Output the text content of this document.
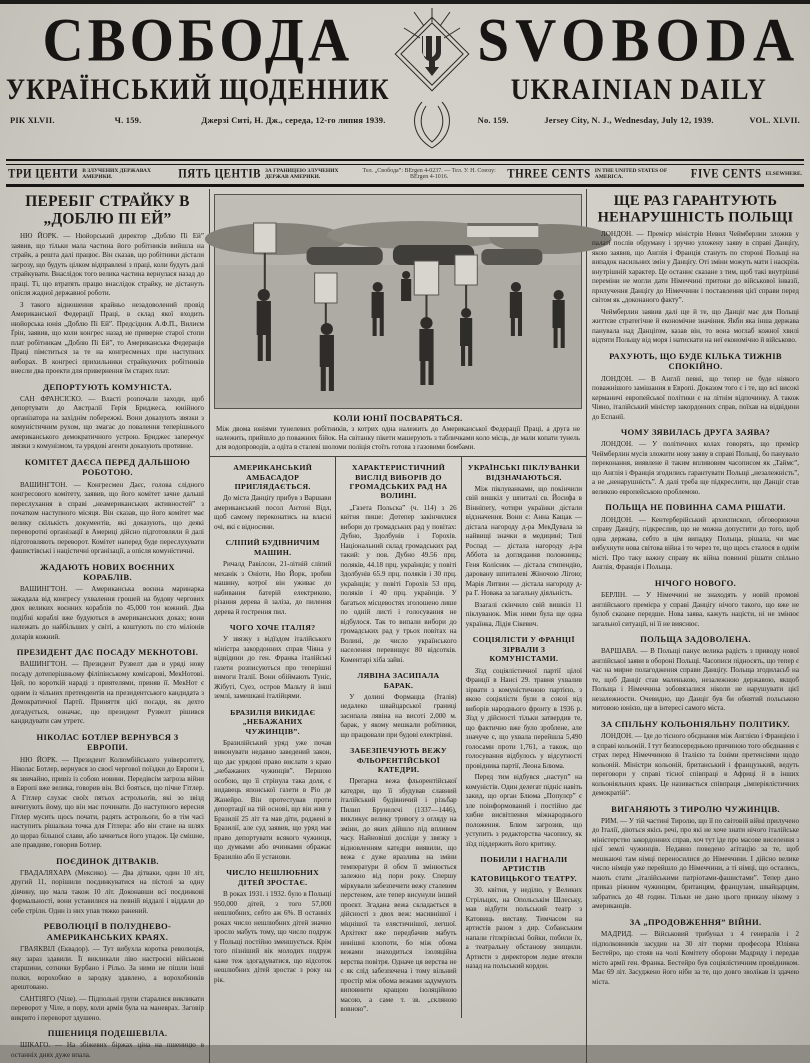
СВОБОДА
УКРАЇНСЬКИЙ ЩОДЕННИК
РІК XLVII.	Ч. 159.	Джерзі Ситі, Н. Дж., середа, 12-го липня 1939.
SVOBODA
UKRAINIAN DAILY
No. 159.	Jersey City, N. J., Wednesday, July 12, 1939.	VOL. XLVII.
ТРИ ЦЕНТИ В ЗЛУЧЕНИХ ДЕРЖАВАХ АМЕРИКИ.	ПЯТЬ ЦЕНТІВ ЗА ГРАНИЦЕЮ ЗЛУЧЕНИХ ДЕРЖАВ АМЕРИКИ.
Тел. „Свобода”: BErgen 4-0237. — Тел. У. Н. Союзу: BErgen 4-1016.	THREE CENTS IN THE UNITED STATES OF AMERICA.	FIVE CENTS ELSEWHERE.
ПЕРЕБІГ СТРАЙКУ В „ДОБЛЮ ПІ ЕЙ”

НЮ ЙОРК. — Нюйорський директор „Доблю Пі Ей” заявив, що тільки мала частина його робітників вийшла на страйк, а решта далі працює. Він сказав, що робітники дістали загрозу, що будуть цілком відправлені з праці, коли будуть далі страйкувати. Внаслідок того велика частина вернулася назад до праці. Ті, що втратять працю внаслідок страйку, не дістануть опісля жадної державної роботи.

З такого відношення крайньо незадоволений провід Американської Федерації Праці, в склад якої входить нюйорська юнія „Доблю Пі Ей”. Предсідник А.Ф.П., Вилиєм Ґрін, заявив, що коли конгрес назад не приверне старої стопи плат робітникам „Доблю Пі Ей”, то Американська Федерація Праці пімститься за те на конгресменах при наступних виборах. В конгресі прихильники страйкуючих робітників внесли два проекти для привернення їм старих плат.

ДЕПОРТУЮТЬ КОМУНІСТА.

САН ФРАНСІСКО. — Власті розпочали заходи, щоб депортувати до Австралії Герія Бриджеса, юнійного організатора на західнім побережжі. Вони доказують звязки з комуністичним рухом, що змагає до повалення теперішнього американського демократичного устрою. Бриджес заперечує звязки з комунізмом, та урядові агенти доказують противне.

КОМІТЕТ ДАЄСА ПЕРЕД ДАЛЬШОЮ РОБОТОЮ.

ВАШИНГТОН. — Конгресмен Даєс, голова слідного конгресового комітету, заявив, що його комітет зачне дальші переслухання в справі „неамериканських активностей” з початком наступного місяця. Він сказав, що його комітет має велику скількість документів, які доказують, що деякі переворотні організації в Америці дійсно підготовляли й далі підготовляють переворот. Комітет наперед буде переслухувати фашистівські і націстичні організації, а опісля комуністичні.

ЖАДАЮТЬ НОВИХ ВОЄННИХ КОРАБЛІВ.

ВАШИНГТОН. — Американська воєнна маринарка зажадала від конгресу ухвалення грошей на будову чергових двох великих воєнних кораблів по 45,000 тон кожний. Два подібні кораблі вже будуються в американських доках; вони належать до найбільших у світі, а коштують по сто міліонів доларів кожний.

ПРЕЗИДЕНТ ДАЄ ПОСАДУ МЕКНОТОВІ.

ВАШИНГТОН. — Президент Рузвелт дав в уряді нову посаду дотеперішньому філіпінському комісарові, МекНотові. Цей, по короткій нараді з приятелями, приняв її. МекНот є одним із чільних претендентів на президентського кандидата з Демократичної Партії. Приняття цієї посади, як дехто догадується, означає, що президент Рузвелт рішився кандидувати сам утретє.

НІКОЛАС БОТЛЕР ВЕРНУВСЯ З ЕВРОПИ.

НЮ ЙОРК. — Президент Колюмбійського університету, Ніколас Ботлер, вернувся зо своєї чергової поїздки до Европи і, як звичайно, привіз із собою новини. Передівсім загроза війни в Европі вже велика, говорив він. Всі бояться, що пічне Гітлер. А Гітлер слухає своїх пятьох астрольоґів, які зо звізд вичитують йому, що він має починати. До наступного вересня Гітлер мусить щось почати, радять астрольоґи, бо в тім часі наступить рішальна точка для Гітлера: або він стане на шлях до щораз більшої слави, або зачнеться його упадок. Це смішне, але правдиве, говорив Ботлер.

ПОЄДИНОК ДІТВАКІВ.

ГВАДАЛЯХАРА (Мексико). — Два дітваки, один 10 літ, другий 11, порішили поєдинкуватися на пістолі за одну дівчину, що мала також 10 літ. Доконавши всі поєдинкові формальності, вони уставилися на певній віддалі і віддали до себе стріли. Один із них упав тяжко ранений.

РЕВОЛЮЦІЇ В ПОЛУДНЕВО-АМЕРИКАНСЬКИХ КРАЯХ.

ГВАЯКВІЛ (Еквадор). — Тут вибухла коротка революція, яку зараз здавили. Її викликали ліво настроєні військові старшини, сотники Бурбано і Рільо. За ними не пішли інші полки, ворохобню в зародку здавлено, а ворохобників арештовано.

САНТІЯГО (Чіле). — Підпольні групи старалися викликати переворот у Чіле, в пору, коли армія була на маневрах. Заговір викрито і переворот здушено.

ПШЕНИЦЯ ПОДЕШЕВІЛА.

ШІКАГО. — На збіжевих біржах ціна на пшеницю в останніх днях дуже впала.

КОЛИ ЮНІЇ ПОСВАРЯТЬСЯ.
Між двома юніями тунелевих робітників, з котрих одна належить до Американської Федерації Праці, а друга не належить, прийшло до поважних бійок. На світанку пікети машерують з табличками коло місць, де мали копати тунель для водопроводів, а одіта в сталеві шоломи поліція стоїть готова з газовими бомбами.
АМЕРИКАНСЬКИЙ АМБАСАДОР ПРИГЛЯДАЄТЬСЯ.

До міста Данціґу прибув з Варшави американський посол Антоні Відл, щоб самому переконатись на власні очі, які є відносини.

СЛІПИЙ БУДІВНИЧИМ МАШИН.

Ричалд Равілсон, 21-літній сліпий механік з Оніоти, Ню Йорк, зробив машину, котрої він уживає до набивання батерій електрикою, різання дерева й заліза, до пилення дерева й гострення пил.

ЧОГО ХОЧЕ ІТАЛІЯ?

У звязку з відїздом італійського міністра закордонних справ Чіяна у відвідини до ген. Франка італійські газети розписуються про теперішні вимоги Італії. Вони обіймають Туніс, Жібуті, Суез, остров Мальту й інші землі, замешкані італійцями.

БРАЗИЛІЯ ВИКИДАЄ „НЕБАЖАНИХ ЧУЖИНЦІВ”.

Бразилійський уряд уже почав виконувати недавно заведений закон, що дає урядові право вислати з краю „небажаних чужинців”. Першою особою, що її стрінула така доля, є видавець японської газети в Ріо де Жанейро. Він протестував проти депортації на тій основі, що він жив у Бразилії 25 літ та мав діти, роджені в Бразилії, але суд заявив, що уряд має право депортувати всякого чужинця, що думками або вчинками ображає Бразилію або її установи.

ЧИСЛО НЕШЛЮБНИХ ДІТЕЙ ЗРОСТАЄ.

В роках 1931. і 1932. було в Польщі 950,000 дітей, з того 57,000 нешлюбних, себто аж 6%. В останніх роках число нешлюбних дітей значно зросло мабуть тому, що число подруж у Польщі постійно зменшується. Крім того пізніший вік молодих подруж каже теж здогадуватися, що відсоток нешлюбних дітей зростає з року на рік.

ХАРАКТЕРИСТИЧНИЙ ВИСЛІД ВИБОРІВ ДО ГРОМАДСЬКИХ РАД НА ВОЛИНІ.

„Газета Польска” (ч. 114) з 26 квітня пише: Дотепер закінчилися вибори до громадських рад у повітах: Дубно, Здолбунів і Горохів. Національний склад громадських рад такий: у пов. Дубно 49.56 прц. поляків, 44.18 прц. українців; у повіті Здолбунів 65.9 прц. поляків і 30 прц. українців; у повіті Горохів 53 прц. поляків і 40 прц. українців. У багатьох місцевостях зголошено лише по одній листі і голосування не відбулося. Так то випали вибори до громадських рад у трьох повітах на Волині, де число українського населення перевищує 80 відсотків. Коментарі хіба зайві.

ЛЯВІНА ЗАСИПАЛА БАРАК.

У долині Формацца (Італія) недалеко швайцарської границі засипала лявіна на висоті 2,000 м. барак, у якому мешкали робітники, що працювали при будові електрівні.

ЗАБЕЗПЕЧУЮТЬ ВЕЖУ ФЛЬОРЕНТІЙСЬКОЇ КАТЕДРИ.

Прегарна вежа фльорентійської катедри, що її збудував славний італійський будівничий і різьбар Пилип Брунелєчі (1337—1446), викликує велику тривогу з огляду на зміни, до яких дійшло під впливом часу. Найновіші досліди у звязку з відновленням катедри виявили, що вежа є дуже вразлива на зміни температури й обєм її змінюється залежно від пори року. Спершу міркували забезпечити вежу сталевим перстенем, але тепер висунули інший проєкт. Згадана вежа складається в дійсності з двох веж: масивнішої і міцнішої та елястичнішої, легшої. Архітект вже передбачив мабуть нинішні клопоти, бо між обома вежами знаходиться ізоляційна верства повітря. Одначе ця верства не є як слід забезпечена і тому вільний простір між обома вежами задумують виповнити кращою ізоляційною масою, а саме т. зв. „скляною вовною”.

УКРАЇНСЬКІ ПІКЛУВАНКИ ВІДЗНАЧАЮТЬСЯ.

Між піклуванками, що покінчили свій вишкіл у шпиталі св. Йосифа в Вінніпеґу, чотири українки дістали відзначення. Вони є: Анна Кащак — дістала нагороду д-ра МекДувала за найвищі значки в медицині; Тилі Роспад — дістала нагороду д-ра Аббота за доглядання положниць; Геня Колісник — дістала стипендію, даровану шпиталеві Жіночою Лігою; Марія Литвин — дістала нагороду д-ра Г. Новака за загальну діяльність.

Взагалі скінчило свій вишкіл 11 піклуванок. Між ними була ще одна українка, Лідія Сікевич.

СОЦІЯЛІСТИ У ФРАНЦІЇ ЗІРВАЛИ З КОМУНІСТАМИ.

Зїзд соціялістичної партії цілої Франції в Нансі 29. травня ухвалив зірвати з комуністичною партією, з якою соціялісти були в союзі від виборів народнього фронту в 1936 р. Зїзд у дійсності тільки затвердив те, що фактично вже було зроблене, але значуче є, що ухвала перейшла 5,490 голосами проти 1,761, а також, що голосування відбулось у відсутності провідника партії, Леона Блюма.

Перед тим відбувся „наступ” на комуністів. Один делегат підніс навіть закид, що орган Блюма „Популєр” є зле поінформований і постійно дає хибне висвітлення міжнароднього положення. Блюм загрозив, що уступить з редакторства часопису, як зїзд піддержить його критику.

ПОБИЛИ І НАГНАЛИ АРТИСТІВ КАТОВИЦЬКОГО ТЕАТРУ.

30. квітня, у неділю, у Великих Стрільцях, на Опольськім Шлеську, мав відбути польський театр з Катовиць виставу. Тимчасом на артистів разом з дир. Собанським напали гітлєрівські бойки, побили їх, а театральну обстанову знищили. Артисти з директором ледве втекли назад на польський кордон.

ЩЕ РАЗ ГАРАНТУЮТЬ НЕНАРУШНІСТЬ ПОЛЬЩІ

ЛОНДОН. — Премієр міністрів Невил Чеймберлин зложив у палаті послів обдуману і зручно уложену заяву в справі Данціґу, якою заявив, що Англія і Франція стануть по стороні Польщі на випадок насильних змін у Данціґу. Оті зміни можуть мати і наскрізь внутрішній характер. Це останнє сказане з тим, щоб такі внутрішні переміни не могли дати Німеччині притоки до військової інвазії, прилучення Данціґу до Німеччини і поставлення цієї справи перед світом як „доконаного факту”.

Чеймберлин заявив далі ще й те, що Данціґ має для Польщі життєве стратегічне й економічне значіння. Якби яка інша держава панувала над Данціґом, казав він, то вона моглаб кожної хвилі відтяти Польщу від моря і натискати на неї економічно й військово.

РАХУЮТЬ, ЩО БУДЕ КІЛЬКА ТИЖНІВ СПОКІЙНО.

ЛОНДОН. — В Англії певні, що тепер не буде ніякого поважнішого замішання в Европі. Доказом того є і те, що всі високі керманичі европейської політики є на літнім відпочинку. А також Чіяно, італійський міністер закордонних справ, поїхав на відвідини до Еспанії.

ЧОМУ ЗЯВИЛАСЬ ДРУГА ЗАЯВА?

ЛОНДОН. — У політичних колах говорять, що премієр Чеймберлин мусів зложити нову заяву в справі Польщі, бо панувало переконання, виявлене й таким впливовим часописом як „Таймс”, що Англія і Франція згодились гарантувати Польщі „незалежність”, а не „ненарушність”. А далі треба ще підкреслити, що Данціґ став великою европейською проблемою.

ПОЛЬЩА НЕ ПОВИННА САМА РІШАТИ.

ЛОНДОН. — Кентерберійський архиєпископ, обговорюючи справу Данціґу, підкреслив, що не можна допустити до того, щоб одна держава, себто в цім випадку Польща, рішала, чи має вибухнути нова світова війна і то через те, що щось сталося в однім місті. Про таку важну справу як війна повинні рішати спільно Англія, Франція і Польща.

НІЧОГО НОВОГО.

БЕРЛІН. — У Німеччині не знаходять у новій промові англійського премієра у справі Данціґу нічого такого, що вже не булоб сказане передше. Нова заява, кажуть націсти, ні не змінює загальної ситуації, ні її не вияснює.

ПОЛЬЩА ЗАДОВОЛЕНА.

ВАРШАВА. — В Польщі панує велика радість з приводу нової англійської заяви в обороні Польщі. Часописи підносять, що тепер є час на мирне полагодження справи Данціґу. Польща згодиласьб на те, щоб Данціґ став маленькою, незалежною державою, якщоб Польща і Німеччина зобовязалися ніколи не нарушувати цієї незалежности. Очевидно, що Данціґ був би обнятий польською митовою юнією, ще в інтересі самого міста.

ЗА СПІЛЬНУ КОЛЬОНІЯЛЬНУ ПОЛІТИКУ.

ЛОНДОН. — Іде до тісного обєднання між Англією і Францією і в справі кольоній. І тут безпосередньою причиною того обєднання є страх перед Німеччиною й Італією та їхніми претенсіями щодо кольоній. Міністри кольоній, британський і французький, ведуть переговори у справі тісної співпраці в Африці й в інших кольоніяльних краях. Це називається співпраця „імперіялістичних демократій”.

ВИГАНЯЮТЬ З ТИРОЛЮ ЧУЖИНЦІВ.

РИМ. — У тій частині Тиролю, що її по світовій війні прилучено до Італії, діються якісь речі, про які не хоче знати нічого італійське міністерство закордонних справ, хоч тут іде про масове виселення з цієї землі чужинців. Недавно поведено агітацію за те, щоб мешкаючі там німці переносилися до Німеччини. І дійсно велике число німців уже перейшло до Німеччини, а ті німці, що остались, мають стати „італійськими патріотами-фашистами”. Тепер дано приказ ріжним чужинцям, британцям, французам, швайцарцям, забратись до 48 годин. Тільки не дано цього приказу нікому з американців.

ЗА „ПРОДОВЖЕННЯ” ВІЙНИ.

МАДРИД. — Військовий трибунал з 4 генералів і 2 підполковників засудив на 30 літ тюрми професора Юліяна Бестейро, що стояв на чолі Комітету оборони Мадриду і передав місто армії ген. Франка. Бестейро був соціялістичним провідником. Має 69 літ. Засуджено його ніби за те, що довго зволікав із здачею міста.
